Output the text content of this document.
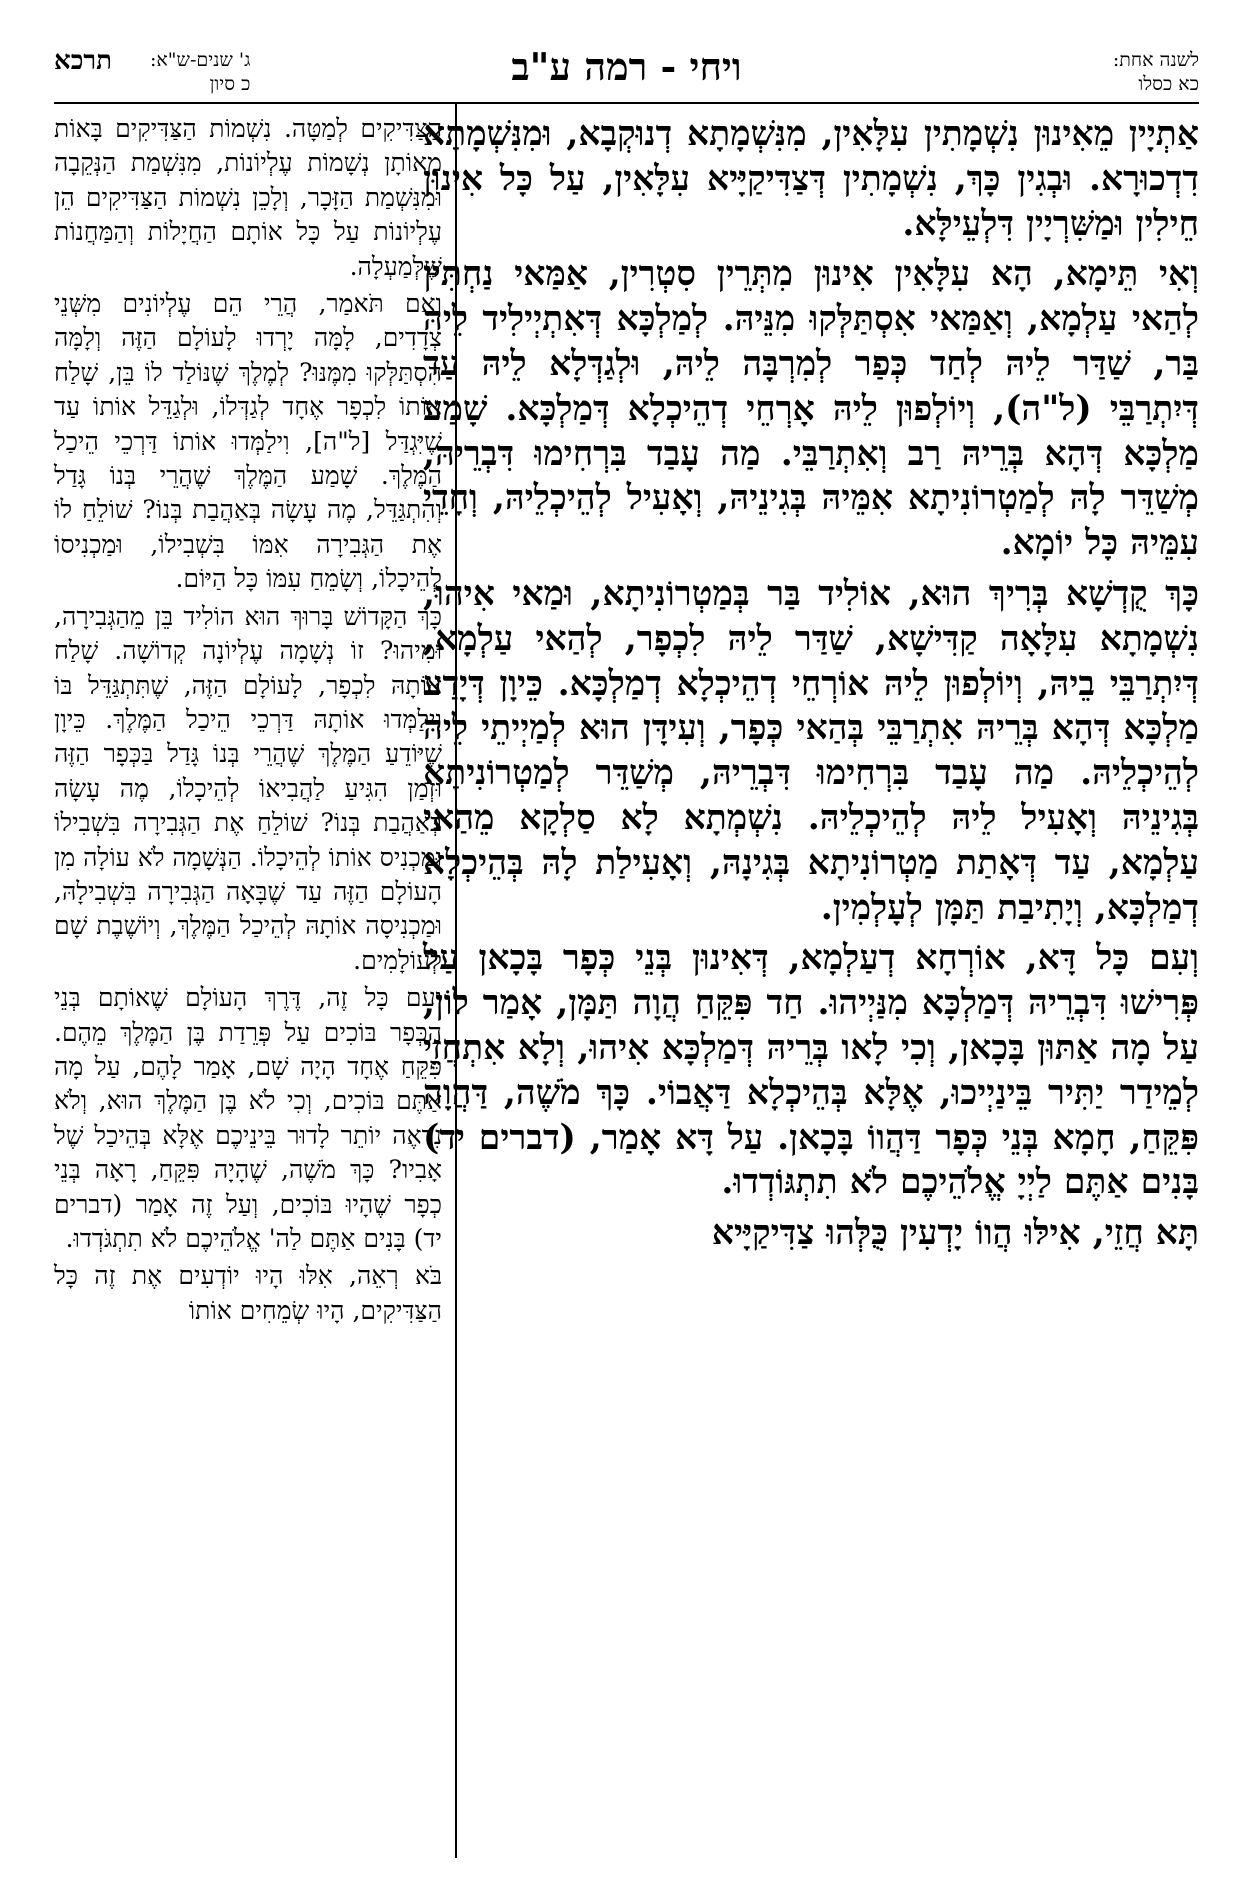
לשנה אחת:
כא כסלו
ויחי - רמה ע"ב
ג' שנים-ש"א:
כ סיון
תרכא

אַתְיָין מֵאִינוּן נִשְׁמָתִין עִלָּאִין, מִנִּשְׁמָתָא דְנוּקְבָא, וּמִנִּשְׁמָתָא דִדְכוּרָא. וּבְגִין כָּךְ, נִשְׁמָתִין דְּצַדִּיקַיָּיא עִלָּאִין, עַל כָּל אִינוּן חֵילִין וּמַשִּׁרְיָין דִּלְעֵילָּא.

וְאִי תֵּימָא, הָא עִלָּאִין אִינוּן מִתְּרֵין סִטְרִין, אַמַּאי נַחְתִּין לְהַאי עַלְמָא, וְאַמַּאי אִסְתַּלְּקוּ מִנֵּיהּ. לְמַלְכָּא דְּאִתְיְילִיד לֵיהּ בַּר, שַׁדַּר לֵיהּ לְחַד כְּפַר לְמִרְבָּה לֵיהּ, וּלְגַדְּלָא לֵיהּ עַד דְּיִתְרַבֵּי (ל"ה), וְיוֹלְפוּן לֵיהּ אָרְחֵי דְהֵיכְלָא דְּמַלְכָּא. שָׁמַע מַלְכָּא דְּהָא בְּרֵיהּ רַב וְאִתְרַבֵּי. מַה עָבַד בִּרְחִימוּ דִּבְרֵיהּ, מְשַׁדֵּר לָהּ לְמַטְרוֹנִיתָא אִמֵּיהּ בְּגִינֵיהּ, וְאָעִיל לְהֵיכְלֵיהּ, וְחָדֵי עִמֵּיהּ כָּל יוֹמָא.

כָּךְ קֻדְשָׁא בְּרִיךְ הוּא, אוֹלִיד בַּר בְּמַטְרוֹנִיתָא, וּמַאי אִיהוּ, נִשְׁמָתָא עִלָּאָה קַדִּישָׁא, שַׁדַּר לֵיהּ לִכְפָר, לְהַאי עַלְמָא, דְּיִתְרַבֵּי בֵיהּ, וְיוֹלְפוּן לֵיהּ אוֹרְחֵי דְהֵיכְלָא דְמַלְכָּא. כֵּיוָן דְּיָדַע מַלְכָּא דְּהָא בְּרֵיהּ אִתְרַבֵּי בְּהַאי כְּפָר, וְעִידָּן הוּא לְמַיְיתֵי לֵיהּ לְהֵיכְלֵיהּ. מַה עָבַד בִּרְחִימוּ דִּבְרֵיהּ, מְשַׁדֵּר לְמַטְרוֹנִיתָא בְּגִינֵיהּ וְאָעִיל לֵיהּ לְהֵיכְלֵיהּ. נִשְׁמְתָא לָא סַלְקָא מֵהַאי עַלְמָא, עַד דְּאָתַת מַטְרוֹנִיתָא בְּגִינָהּ, וְאָעִילַת לָהּ בְּהֵיכְלָא דְמַלְכָּא, וְיָתִיבַת תַּמָּן לְעָלְמִין.

וְעִם כָּל דָּא, אוֹרְחָא דְעַלְמָא, דְּאִינוּן בְּנֵי כְּפָר בָּכָאן עַל פְּרִישׁוּ דִּבְרֵיהּ דְּמַלְכָּא מִנַּיְיהוּ. חַד פִּקֵּחַ הֲוָה תַּמָּן, אָמַר לוֹן, עַל מָה אַתּוּן בָּכָאן, וְכִי לָאו בְּרֵיהּ דְּמַלְכָּא אִיהוּ, וְלָא אִתְחֲזֵי לְמֵידַר יַתִּיר בֵּינַיְיכוּ, אֶלָּא בְּהֵיכְלָא דַּאֲבוֹי. כָּךְ מֹשֶׁה, דַּהֲוָה פִּקֵּחַ, חָמָא בְּנֵי כְּפָר דַּהֲווֹ בָּכָאן. עַל דָּא אָמַר, (דברים יד) בָּנִים אַתֶּם לַיְיָ אֱלֹהֵיכֶם לֹא תִתְגּוֹדְדוּ.

תָּא חֲזֵי, אִילּוּ הֲווֹ יָדְעִין כֻּלְּהוּ צַדִּיקַיָּיא

הַצַּדִּיקִים לְמַטָּה. נִשְׁמוֹת הַצַּדִּיקִים בָּאוֹת מֵאוֹתָן נְשָׁמוֹת עֶלְיוֹנוֹת, מִנִּשְׁמַת הַנְּקֵבָה וּמִנִּשְׁמַת הַזָּכָר, וְלָכֵן נִשְׁמוֹת הַצַּדִּיקִים הֵן עֶלְיוֹנוֹת עַל כָּל אוֹתָם הַחֲיָלוֹת וְהַמַּחֲנוֹת שֶׁלְּמַעְלָה.

וְאִם תֹּאמַר, הֲרֵי הֵם עֶלְיוֹנִים מִשְּׁנֵי צְדָדִים, לָמָּה יָרְדוּ לָעוֹלָם הַזֶּה וְלָמָּה הִסְתַּלְּקוּ מִמֶּנּוּ? לְמֶלֶךְ שֶׁנּוֹלַד לוֹ בֵּן, שָׁלַח אוֹתוֹ לִכְפָר אֶחָד לְגַדְּלוֹ, וּלְגַדֵּל אוֹתוֹ עַד שֶׁיִּגְדַּל [ל"ה], וִילַמְּדוּ אוֹתוֹ דַּרְכֵי הֵיכַל הַמֶּלֶךְ. שָׁמַע הַמֶּלֶךְ שֶׁהֲרֵי בְּנוֹ גָּדַל וְהִתְגַּדֵּל, מֶה עָשָׂה בְּאַהֲבַת בְּנוֹ? שׁוֹלֵחַ לוֹ אֶת הַגְּבִירָה אִמּוֹ בִּשְׁבִילוֹ, וּמַכְנִיסוֹ לְהֵיכָלוֹ, וְשָׂמֵחַ עִמּוֹ כָּל הַיּוֹם.

כָּךְ הַקָּדוֹשׁ בָּרוּךְ הוּא הוֹלִיד בֵּן מֵהַגְּבִירָה, וּמִיהוּ? זוֹ נְשָׁמָה עֶלְיוֹנָה קְדוֹשָׁה. שָׁלַח אוֹתָהּ לִכְפָר, לָעוֹלָם הַזֶּה, שֶׁתִּתְגַּדֵּל בּוֹ וִילַמְּדוּ אוֹתָהּ דַּרְכֵי הֵיכַל הַמֶּלֶךְ. כֵּיוָן שֶׁיּוֹדֵעַ הַמֶּלֶךְ שֶׁהֲרֵי בְּנוֹ גָּדַל בַּכְּפָר הַזֶּה וּזְמַן הִגִּיעַ לַהֲבִיאוֹ לְהֵיכָלוֹ, מֶה עָשָׂה בְּאַהֲבַת בְּנוֹ? שׁוֹלֵחַ אֶת הַגְּבִירָה בִּשְׁבִילוֹ וּמַכְנִיס אוֹתוֹ לְהֵיכָלוֹ. הַנְּשָׁמָה לֹא עוֹלָה מִן הָעוֹלָם הַזֶּה עַד שֶׁבָּאָה הַגְּבִירָה בִּשְׁבִילָהּ, וּמַכְנִיסָה אוֹתָהּ לְהֵיכַל הַמֶּלֶךְ, וְיוֹשֶׁבֶת שָׁם לְעוֹלָמִים.

וְעִם כָּל זֶה, דֶּרֶךְ הָעוֹלָם שֶׁאוֹתָם בְּנֵי הַכְּפָר בּוֹכִים עַל פְּרֵדַת בֶּן הַמֶּלֶךְ מֵהֶם. פִּקֵּחַ אֶחָד הָיָה שָׁם, אָמַר לָהֶם, עַל מָה אַתֶּם בּוֹכִים, וְכִי לֹא בֶּן הַמֶּלֶךְ הוּא, וְלֹא נִרְאֶה יוֹתֵר לָדוּר בֵּינֵיכֶם אֶלָּא בְּהֵיכַל שֶׁל אָבִיו? כָּךְ מֹשֶׁה, שֶׁהָיָה פִּקֵּחַ, רָאָה בְּנֵי כְפָר שֶׁהָיוּ בּוֹכִים, וְעַל זֶה אָמַר (דברים יד) בָּנִים אַתֶּם לַה' אֱלֹהֵיכֶם לֹא תִתְגֹּדְדוּ.

בֹּא רְאֵה, אִלּוּ הָיוּ יוֹדְעִים אֶת זֶה כָּל הַצַּדִּיקִים, הָיוּ שְׂמֵחִים אוֹתוֹ
